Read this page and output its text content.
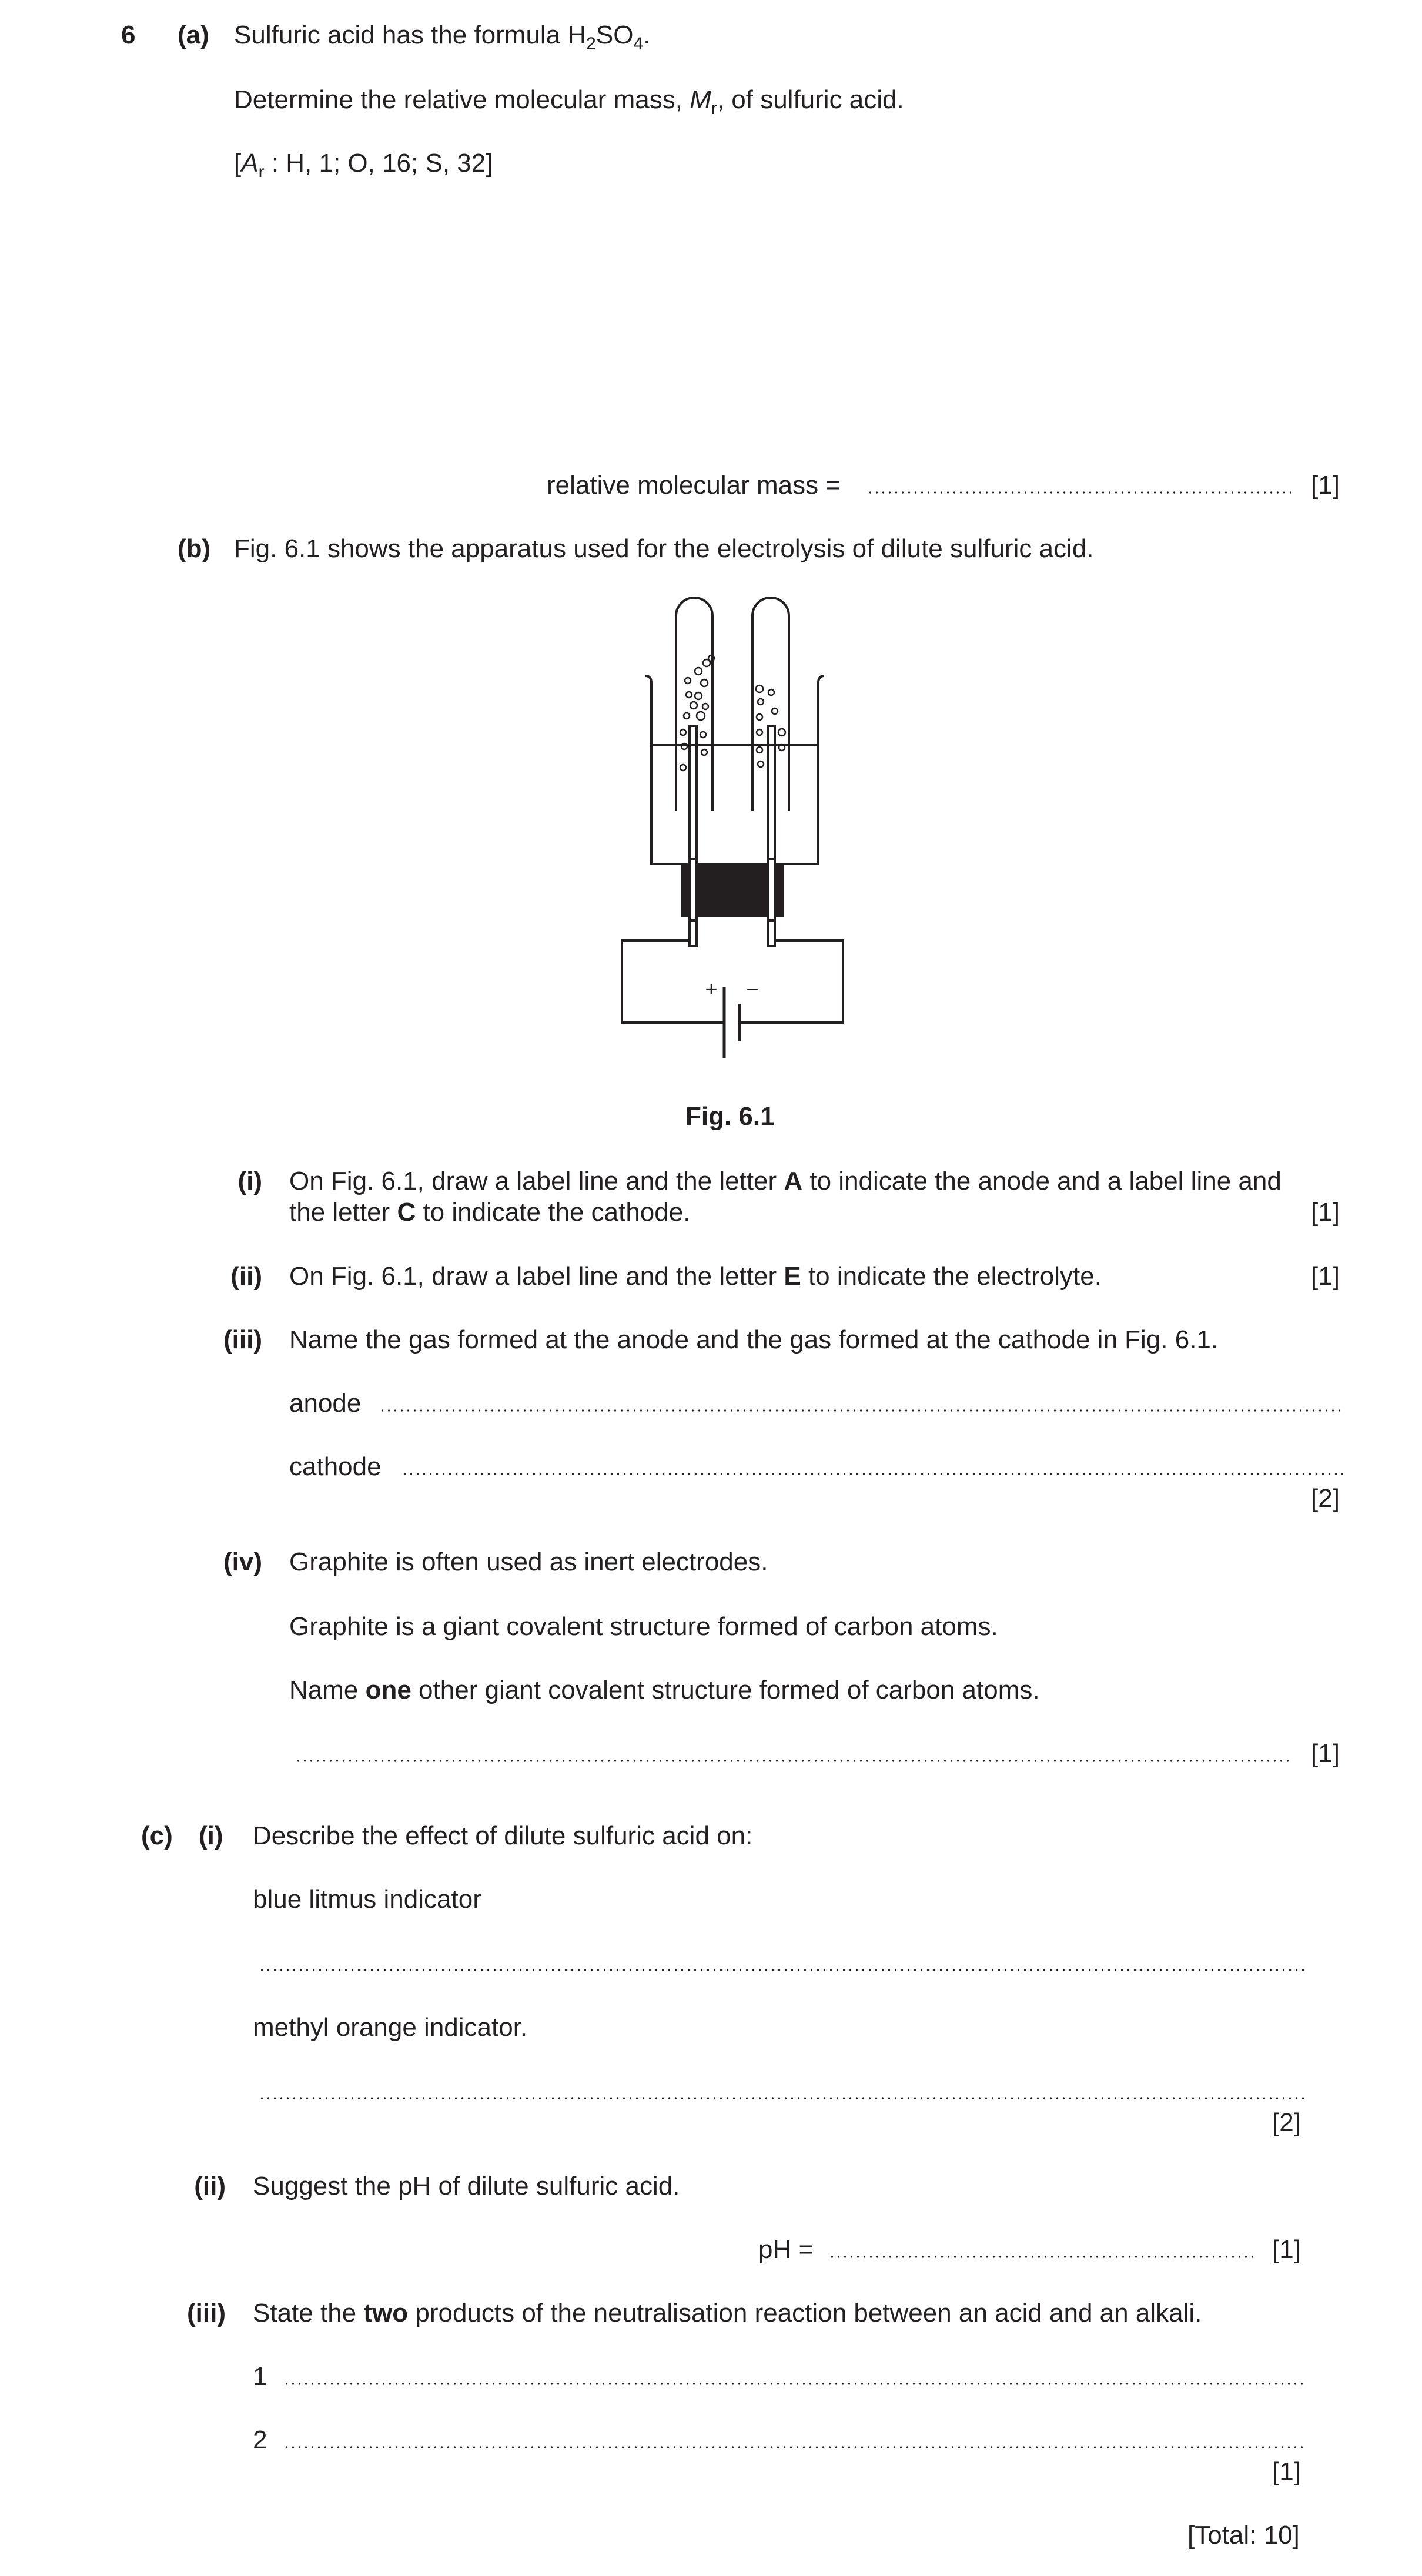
6 (a) Sulfuric acid has the formula $H_2SO_4$.
Determine the relative molecular mass, $M_r$, of sulfuric acid.
[$A_r$ : H, 1; O, 16; S, 32]
relative molecular mass =	[1]
(b) Fig. 6.1 shows the apparatus used for the electrolysis of dilute sulfuric acid.
+ –
Fig. 6.1
(i) On Fig. 6.1, draw a label line and the letter A to indicate the anode and a label line and
the letter C to indicate the cathode.	[1]
(ii) On Fig. 6.1, draw a label line and the letter E to indicate the electrolyte.	[1]
(iii) Name the gas formed at the anode and the gas formed at the cathode in Fig. 6.1.
anode
cathode
[2]
(iv) Graphite is often used as inert electrodes.
Graphite is a giant covalent structure formed of carbon atoms.
Name one other giant covalent structure formed of carbon atoms.
[1]
(c) (i) Describe the effect of dilute sulfuric acid on:
blue litmus indicator
methyl orange indicator.
[2]
(ii) Suggest the pH of dilute sulfuric acid.
pH =	[1]
(iii) State the two products of the neutralisation reaction between an acid and an alkali.
1
2
[1]
[Total: 10]
